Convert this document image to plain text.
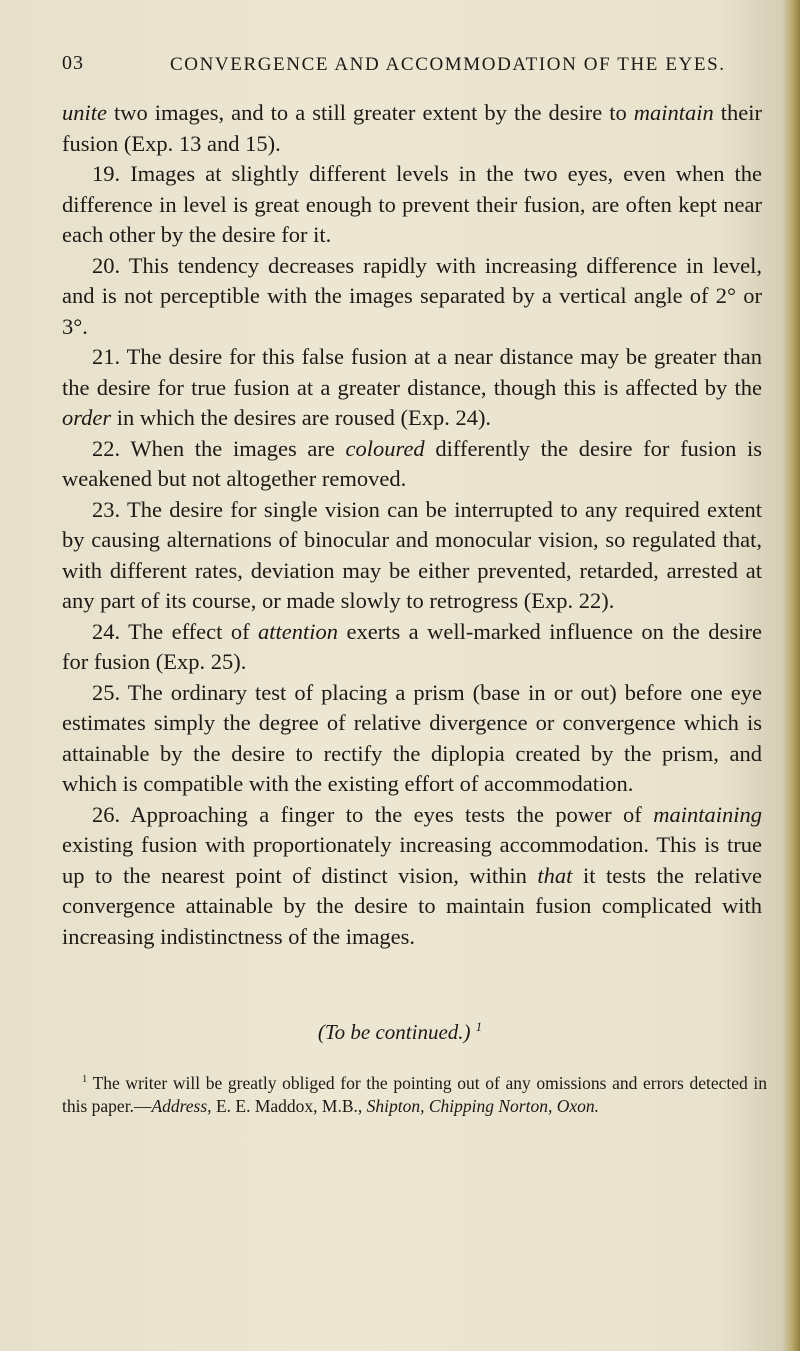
03	CONVERGENCE AND ACCOMMODATION OF THE EYES.

unite two images, and to a still greater extent by the desire to maintain their fusion (Exp. 13 and 15).

19. Images at slightly different levels in the two eyes, even when the difference in level is great enough to prevent their fusion, are often kept near each other by the desire for it.

20. This tendency decreases rapidly with increasing difference in level, and is not perceptible with the images separated by a vertical angle of 2° or 3°.

21. The desire for this false fusion at a near distance may be greater than the desire for true fusion at a greater distance, though this is affected by the order in which the desires are roused (Exp. 24).

22. When the images are coloured differently the desire for fusion is weakened but not altogether removed.

23. The desire for single vision can be interrupted to any required extent by causing alternations of binocular and monocular vision, so regulated that, with different rates, deviation may be either prevented, retarded, arrested at any part of its course, or made slowly to retrogress (Exp. 22).

24. The effect of attention exerts a well-marked influence on the desire for fusion (Exp. 25).

25. The ordinary test of placing a prism (base in or out) before one eye estimates simply the degree of relative divergence or convergence which is attainable by the desire to rectify the diplopia created by the prism, and which is compatible with the existing effort of accommodation.

26. Approaching a finger to the eyes tests the power of maintaining existing fusion with proportionately increasing accommodation. This is true up to the nearest point of distinct vision, within that it tests the relative convergence attainable by the desire to maintain fusion complicated with increasing indistinctness of the images.

(To be continued.) $^1$
$^1$ The writer will be greatly obliged for the pointing out of any omissions and errors detected in this paper.—Address, E. E. Maddox, M.B., Shipton, Chipping Norton, Oxon.
